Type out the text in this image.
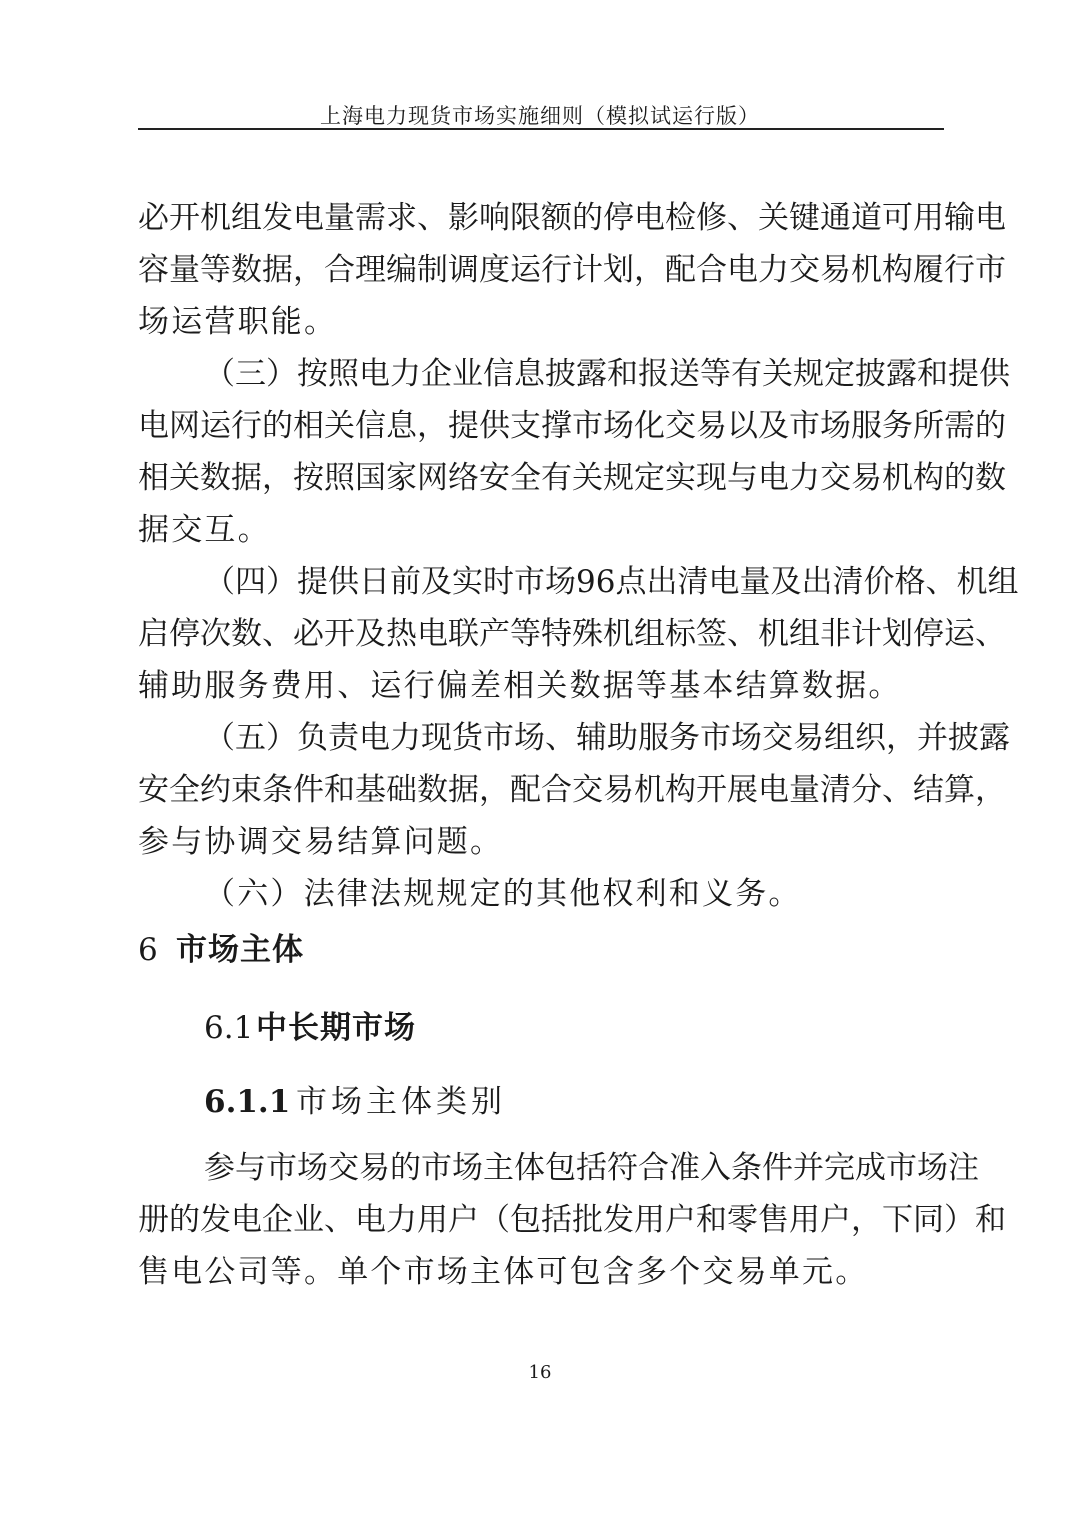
上海电力现货市场实施细则（模拟试运行版）
必开机组发电量需求、影响限额的停电检修、关键通道可用输电
容量等数据，合理编制调度运行计划，配合电力交易机构履行市
场运营职能。
（三）按照电力企业信息披露和报送等有关规定披露和提供
电网运行的相关信息，提供支撑市场化交易以及市场服务所需的
相关数据，按照国家网络安全有关规定实现与电力交易机构的数
据交互。
（四）提供日前及实时市场96点出清电量及出清价格、机组
启停次数、必开及热电联产等特殊机组标签、机组非计划停运、
辅助服务费用、运行偏差相关数据等基本结算数据。
（五）负责电力现货市场、辅助服务市场交易组织，并披露
安全约束条件和基础数据，配合交易机构开展电量清分、结算，
参与协调交易结算问题。
（六）法律法规规定的其他权利和义务。
6 市场主体
6.1中长期市场
6.1.1 市场主体类别
参与市场交易的市场主体包括符合准入条件并完成市场注
册的发电企业、电力用户（包括批发用户和零售用户，下同）和
售电公司等。单个市场主体可包含多个交易单元。
16
